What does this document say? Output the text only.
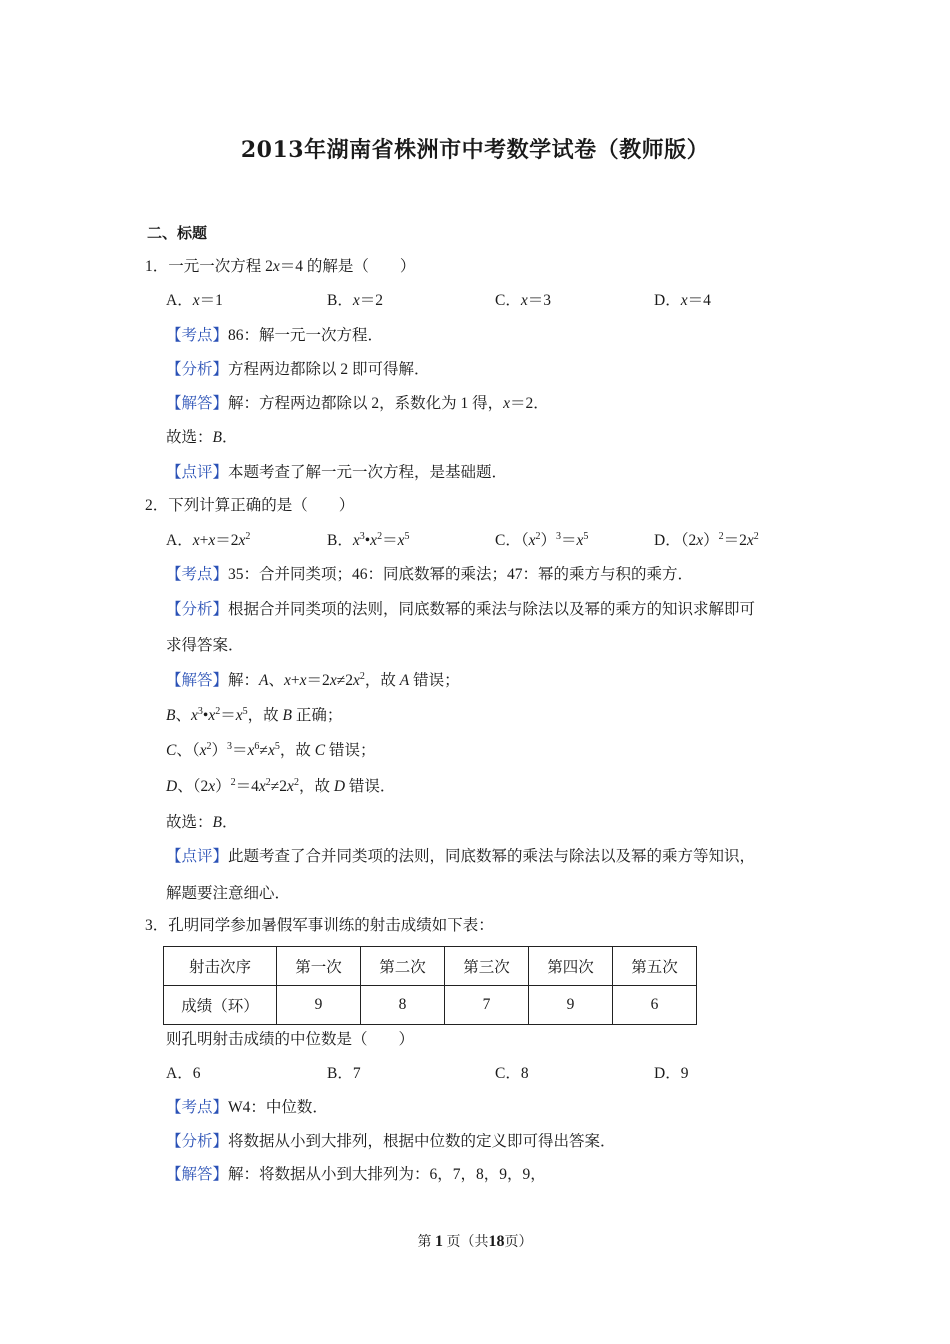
2013年湖南省株洲市中考数学试卷（教师版）
二、标题
1．一元一次方程 2x＝4 的解是（　　）
A．x＝1	B．x＝2	C．x＝3	D．x＝4
【考点】86：解一元一次方程．
【分析】方程两边都除以 2 即可得解．
【解答】解：方程两边都除以 2，系数化为 1 得，x＝2．
故选：B．
【点评】本题考查了解一元一次方程，是基础题．
2．下列计算正确的是（　　）
A．$x+x=2x^2$	B．$x^3•x^2=x^5$	C．$(x^2)^3=x^5$	D．$(2x)^2=2x^2$
【考点】35：合并同类项；46：同底数幂的乘法；47：幂的乘方与积的乘方．
【分析】根据合并同类项的法则，同底数幂的乘法与除法以及幂的乘方的知识求解即可
求得答案．
【解答】解：A、$x+x=2x\ne 2x^2$，故 A 错误；
B、$x^3•x^2=x^5$，故 B 正确；
C、$(x^2)^3=x^6\ne x^5$，故 C 错误；
D、$(2x)^2=4x^2\ne 2x^2$，故 D 错误．
故选：B．
【点评】此题考查了合并同类项的法则，同底数幂的乘法与除法以及幂的乘方等知识，
解题要注意细心．
3．孔明同学参加暑假军事训练的射击成绩如下表：
射击次序	第一次	第二次	第三次	第四次	第五次
成绩（环）	9	8	7	9	6
则孔明射击成绩的中位数是（　　）
A．6	B．7	C．8	D．9
【考点】W4：中位数．
【分析】将数据从小到大排列，根据中位数的定义即可得出答案．
【解答】解：将数据从小到大排列为：6，7，8，9，9，
第 1 页（共18页）
